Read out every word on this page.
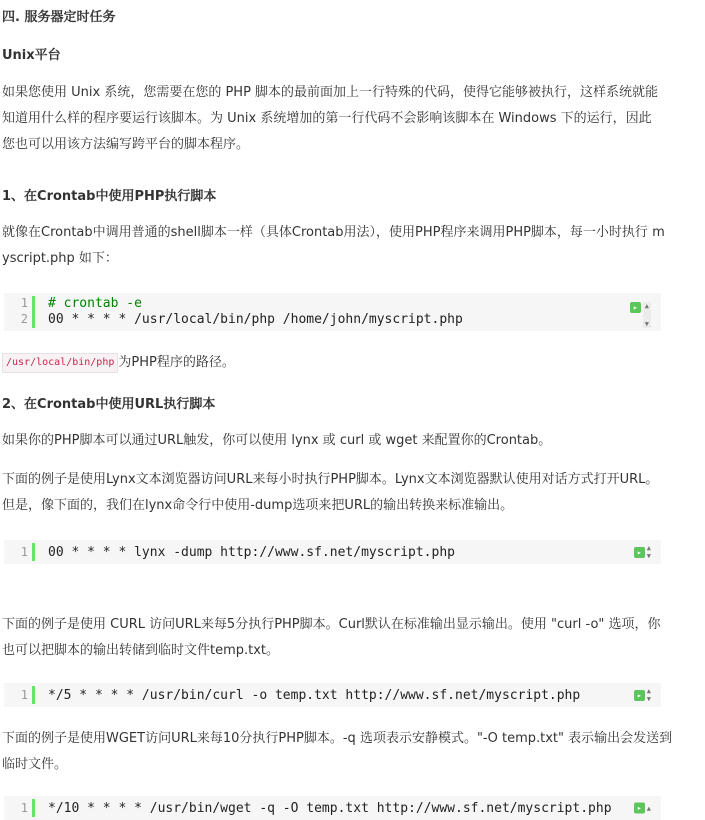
四. 服务器定时任务
Unix平台

如果您使用 Unix 系统，您需要在您的 PHP 脚本的最前面加上一行特殊的代码，使得它能够被执行，这样系统就能

知道用什么样的程序要运行该脚本。为 Unix 系统增加的第一行代码不会影响该脚本在 Windows 下的运行，因此

您也可以用该方法编写跨平台的脚本程序。

1、在Crontab中使用PHP执行脚本

就像在Crontab中调用普通的shell脚本一样（具体Crontab用法），使用PHP程序来调用PHP脚本，每一小时执行 m

yscript.php 如下：

1
2
# crontab -e
00 * * * * /usr/local/bin/php /home/john/myscript.php
▸	▲
▼
/usr/local/bin/php 为PHP程序的路径。
2、在Crontab中使用URL执行脚本

如果你的PHP脚本可以通过URL触发，你可以使用 lynx 或 curl 或 wget 来配置你的Crontab。

下面的例子是使用Lynx文本浏览器访问URL来每小时执行PHP脚本。Lynx文本浏览器默认使用对话方式打开URL。

但是，像下面的，我们在lynx命令行中使用-dump选项来把URL的输出转换来标准输出。

1 00 * * * * lynx -dump http://www.sf.net/myscript.php	▸ ▲
▼

下面的例子是使用 CURL 访问URL来每5分执行PHP脚本。Curl默认在标准输出显示输出。使用 "curl -o" 选项，你

也可以把脚本的输出转储到临时文件temp.txt。

1 */5 * * * * /usr/bin/curl -o temp.txt http://www.sf.net/myscript.php	▸ ▲
▼

下面的例子是使用WGET访问URL来每10分执行PHP脚本。-q 选项表示安静模式。"-O temp.txt" 表示输出会发送到

临时文件。

1 */10 * * * * /usr/bin/wget -q -O temp.txt http://www.sf.net/myscript.php	▸ ▲
